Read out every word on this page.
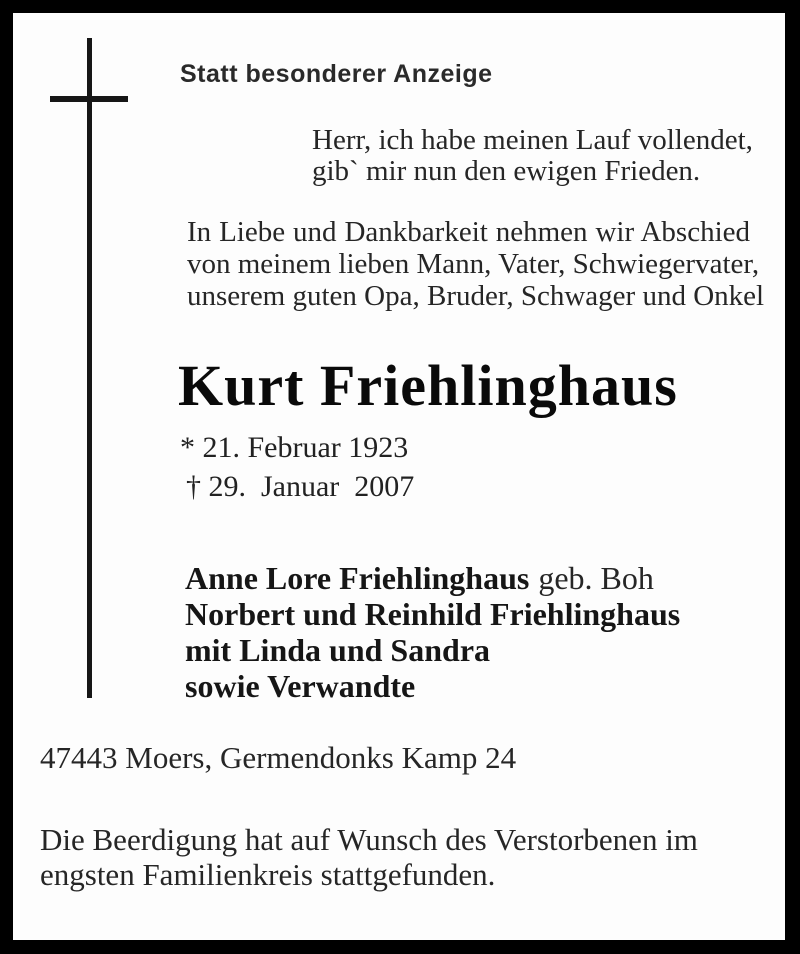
Statt besonderer Anzeige
Herr, ich habe meinen Lauf vollendet,
gib` mir nun den ewigen Frieden.
In Liebe und Dankbarkeit nehmen wir Abschied
von meinem lieben Mann, Vater, Schwiegervater,
unserem guten Opa, Bruder, Schwager und Onkel
Kurt Friehlinghaus
* 21. Februar 1923
† 29.  Januar  2007
Anne Lore Friehlinghaus geb. Boh
Norbert und Reinhild Friehlinghaus
mit Linda und Sandra
sowie Verwandte
47443 Moers, Germendonks Kamp 24
Die Beerdigung hat auf Wunsch des Verstorbenen im
engsten Familienkreis stattgefunden.
